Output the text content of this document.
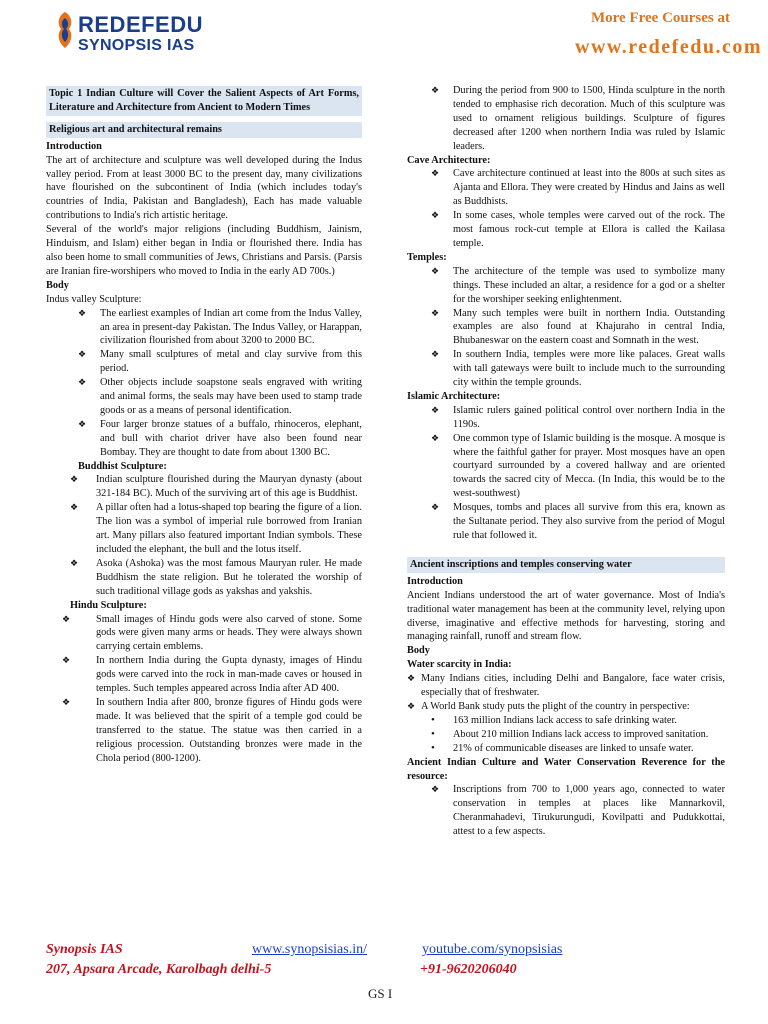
REDEFEDU
SYNOPSIS IAS
More Free Courses at
www.redefedu.com
Topic 1 Indian Culture will Cover the Salient Aspects of Art Forms, Literature and Architecture from Ancient to Modern Times
Religious art and architectural remains
Introduction

The art of architecture and sculpture was well developed during the Indus valley period. From at least 3000 BC to the present day, many civilizations have flourished on the subcontinent of India (which includes today's countries of India, Pakistan and Bangladesh), Each has made valuable contributions to India's rich artistic heritage.

Several of the world's major religions (including Buddhism, Jainism, Hinduism, and Islam) either began in India or flourished there. India has also been home to small communities of Jews, Christians and Parsis. (Parsis are Iranian fire-worshipers who moved to India in the early AD 700s.)

Body
Indus valley Sculpture:
❖ The earliest examples of Indian art come from the Indus Valley, an area in present-day Pakistan. The Indus Valley, or Harappan, civilization flourished from about 3200 to 2000 BC.
❖ Many small sculptures of metal and clay survive from this period.
❖ Other objects include soapstone seals engraved with writing and animal forms, the seals may have been used to stamp trade goods or as a means of personal identification.
❖ Four larger bronze statues of a buffalo, rhinoceros, elephant, and bull with chariot driver have also been found near Bombay. They are thought to date from about 1300 BC.
Buddhist Sculpture:
❖ Indian sculpture flourished during the Mauryan dynasty (about 321-184 BC). Much of the surviving art of this age is Buddhist.
❖ A pillar often had a lotus-shaped top bearing the figure of a lion. The lion was a symbol of imperial rule borrowed from Iranian art. Many pillars also featured important Indian symbols. These included the elephant, the bull and the lotus itself.
❖ Asoka (Ashoka) was the most famous Mauryan ruler. He made Buddhism the state religion. But he tolerated the worship of such traditional village gods as yakshas and yakshis.
Hindu Sculpture:
❖ Small images of Hindu gods were also carved of stone. Some gods were given many arms or heads. They were always shown carrying certain emblems.
❖ In northern India during the Gupta dynasty, images of Hindu gods were carved into the rock in man-made caves or housed in temples. Such temples appeared across India after AD 400.
❖ In southern India after 800, bronze figures of Hindu gods were made. It was believed that the spirit of a temple god could be transferred to the statue. The statue was then carried in a religious procession. Outstanding bronzes were made in the Chola period (800-1200).
❖ During the period from 900 to 1500, Hinda sculpture in the north tended to emphasise rich decoration. Much of this sculpture was used to ornament religious buildings. Sculpture of figures decreased after 1200 when northern India was ruled by Islamic leaders.
Cave Architecture:
❖ Cave architecture continued at least into the 800s at such sites as Ajanta and Ellora. They were created by Hindus and Jains as well as Buddhists.
❖ In some cases, whole temples were carved out of the rock. The most famous rock-cut temple at Ellora is called the Kailasa temple.
Temples:
❖ The architecture of the temple was used to symbolize many things. These included an altar, a residence for a god or a shelter for the worshiper seeking enlightenment.
❖ Many such temples were built in northern India. Outstanding examples are also found at Khajuraho in central India, Bhubaneswar on the eastern coast and Somnath in the west.
❖ In southern India, temples were more like palaces. Great walls with tall gateways were built to include much to the surrounding city within the temple grounds.
Islamic Architecture:
❖ Islamic rulers gained political control over northern India in the 1190s.
❖ One common type of Islamic building is the mosque. A mosque is where the faithful gather for prayer. Most mosques have an open courtyard surrounded by a covered hallway and are oriented towards the sacred city of Mecca. (In India, this would be to the west-southwest)
❖ Mosques, tombs and places all survive from this era, known as the Sultanate period. They also survive from the period of Mogul rule that followed it.
Ancient inscriptions and temples conserving water
Introduction

Ancient Indians understood the art of water governance. Most of India's traditional water management has been at the community level, relying upon diverse, imaginative and effective methods for harvesting, storing and managing rainfall, runoff and stream flow.

Body
Water scarcity in India:
❖ Many Indians cities, including Delhi and Bangalore, face water crisis, especially that of freshwater.
❖ A World Bank study puts the plight of the country in perspective:
• 163 million Indians lack access to safe drinking water.
• About 210 million Indians lack access to improved sanitation.
• 21% of communicable diseases are linked to unsafe water.
Ancient Indian Culture and Water Conservation Reverence for the resource:
❖ Inscriptions from 700 to 1,000 years ago, connected to water conservation in temples at places like Mannarkovil, Cheranmahadevi, Tirukurungudi, Kovilpatti and Pudukkottai, attest to a few aspects.
Synopsis IAS
207, Apsara Arcade, Karolbagh delhi-5
www.synopsisias.in/	youtube.com/synopsisias
+91-9620206040
GS I
